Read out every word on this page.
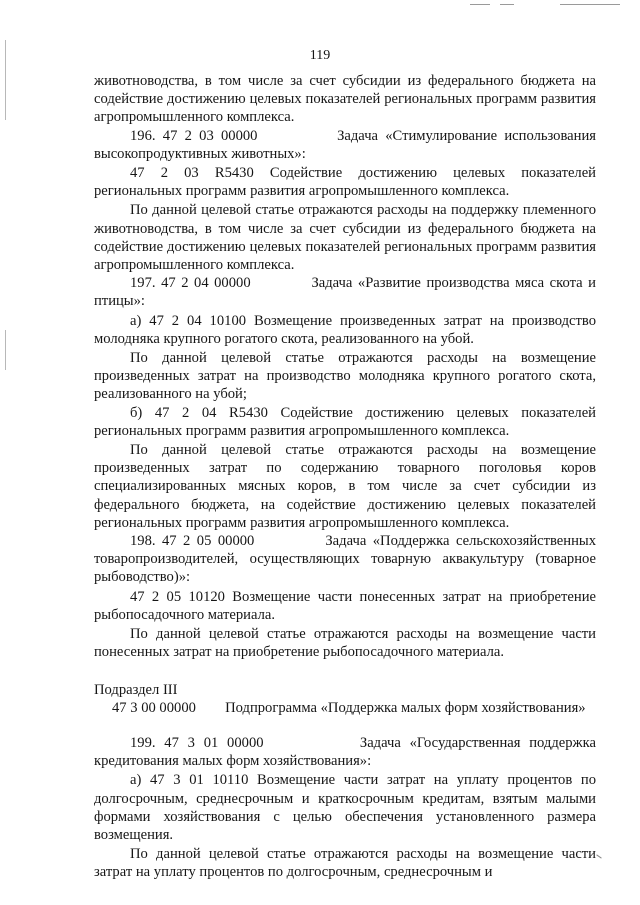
119

животноводства, в том числе за счет субсидии из федерального бюджета на содействие достижению целевых показателей региональных программ развития агропромышленного комплекса.

196. 47 2 03 00000           Задача «Стимулирование использования высокопродуктивных животных»:

47 2 03 R5430 Содействие достижению целевых показателей региональных программ развития агропромышленного комплекса.

По данной целевой статье отражаются расходы на поддержку племенного животноводства, в том числе за счет субсидии из федерального бюджета на содействие достижению целевых показателей региональных программ развития агропромышленного комплекса.

197. 47 2 04 00000           Задача «Развитие производства мяса скота и птицы»:

а) 47 2 04 10100 Возмещение произведенных затрат на производство молодняка крупного рогатого скота, реализованного на убой.

По данной целевой статье отражаются расходы на возмещение произведенных затрат на производство молодняка крупного рогатого скота, реализованного на убой;

б) 47 2 04 R5430 Содействие достижению целевых показателей региональных программ развития агропромышленного комплекса.

По данной целевой статье отражаются расходы на возмещение произведенных затрат по содержанию товарного поголовья коров специализированных мясных коров, в том числе за счет субсидии из федерального бюджета, на содействие достижению целевых показателей региональных программ развития агропромышленного комплекса.

198. 47 2 05 00000           Задача «Поддержка сельскохозяйственных товаропроизводителей, осуществляющих товарную аквакультуру (товарное рыбоводство)»:

47 2 05 10120 Возмещение части понесенных затрат на приобретение рыбопосадочного материала.

По данной целевой статье отражаются расходы на возмещение части понесенных затрат на приобретение рыбопосадочного материала.

Подраздел III

47 3 00 00000 Подпрограмма «Поддержка малых форм хозяйствования»

199. 47 3 01 00000           Задача «Государственная поддержка кредитования малых форм хозяйствования»:

а) 47 3 01 10110 Возмещение части затрат на уплату процентов по долгосрочным, среднесрочным и краткосрочным кредитам, взятым малыми формами хозяйствования с целью обеспечения установленного размера возмещения.

По данной целевой статье отражаются расходы на возмещение части затрат на уплату процентов по долгосрочным, среднесрочным и
